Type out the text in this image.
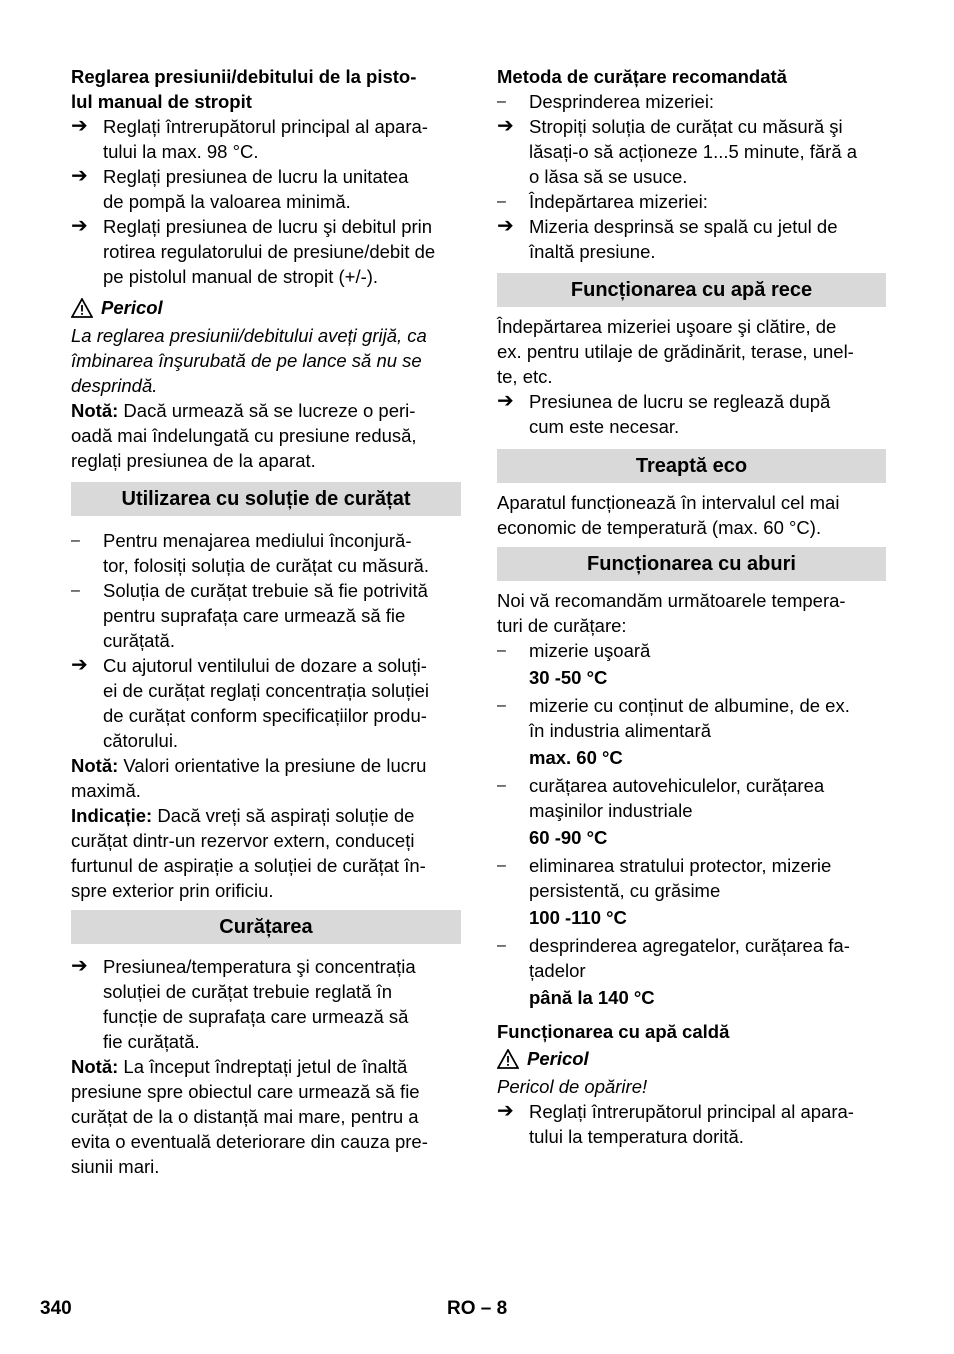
Reglarea presiunii/debitului de la pisto-
lul manual de stropit

➔ Reglați întrerupătorul principal al apara-
tului la max. 98 °C.

➔ Reglați presiunea de lucru la unitatea
de pompă la valoarea minimă.

➔ Reglați presiunea de lucru şi debitul prin
rotirea regulatorului de presiune/debit de
pe pistolul manual de stropit (+/-).

Pericol

La reglarea presiunii/debitului aveți grijă, ca
îmbinarea înşurubată de pe lance să nu se
desprindă.

Notă: Dacă urmează să se lucreze o peri-
oadă mai îndelungată cu presiune redusă,
reglați presiunea de la aparat.

Utilizarea cu soluție de curățat
–	Pentru menajarea mediului înconjură-
tor, folosiți soluția de curățat cu măsură.

–	Soluția de curățat trebuie să fie potrivită
pentru suprafața care urmează să fie
curățată.

➔ Cu ajutorul ventilului de dozare a soluți-
ei de curățat reglați concentrația soluției
de curățat conform specificațiilor produ-
cătorului.

Notă: Valori orientative la presiune de lucru
maximă.

Indicație: Dacă vreți să aspirați soluție de
curățat dintr-un rezervor extern, conduceți
furtunul de aspirație a soluției de curățat în-
spre exterior prin orificiu.

Curățarea
➔ Presiunea/temperatura şi concentrația
soluției de curățat trebuie reglată în
funcție de suprafața care urmează să
fie curățată.

Notă: La început îndreptați jetul de înaltă
presiune spre obiectul care urmează să fie
curățat de la o distanță mai mare, pentru a
evita o eventuală deteriorare din cauza pre-
siunii mari.

Metoda de curățare recomandată

–	Desprinderea mizeriei:

➔ Stropiți soluția de curățat cu măsură şi
lăsați-o să acționeze 1...5 minute, fără a
o lăsa să se usuce.

–	Îndepărtarea mizeriei:

➔ Mizeria desprinsă se spală cu jetul de
înaltă presiune.

Funcționarea cu apă rece

Îndepărtarea mizeriei uşoare şi clătire, de
ex. pentru utilaje de grădinărit, terase, unel-
te, etc.

➔ Presiunea de lucru se reglează după
cum este necesar.

Treaptă eco

Aparatul funcționează în intervalul cel mai
economic de temperatură (max. 60 °C).

Funcționarea cu aburi

Noi vă recomandăm următoarele tempera-
turi de curățare:

–	mizerie uşoară

30 -50 °C

–	mizerie cu conținut de albumine, de ex.
în industria alimentară

max. 60 °C

–	curățarea autovehiculelor, curățarea
maşinilor industriale

60 -90 °C

–	eliminarea stratului protector, mizerie
persistentă, cu grăsime

100 -110 °C

–	desprinderea agregatelor, curățarea fa-
țadelor

până la 140 °C

Funcționarea cu apă caldă

Pericol

Pericol de opărire!

➔ Reglați întrerupătorul principal al apara-
tului la temperatura dorită.

340	RO – 8
